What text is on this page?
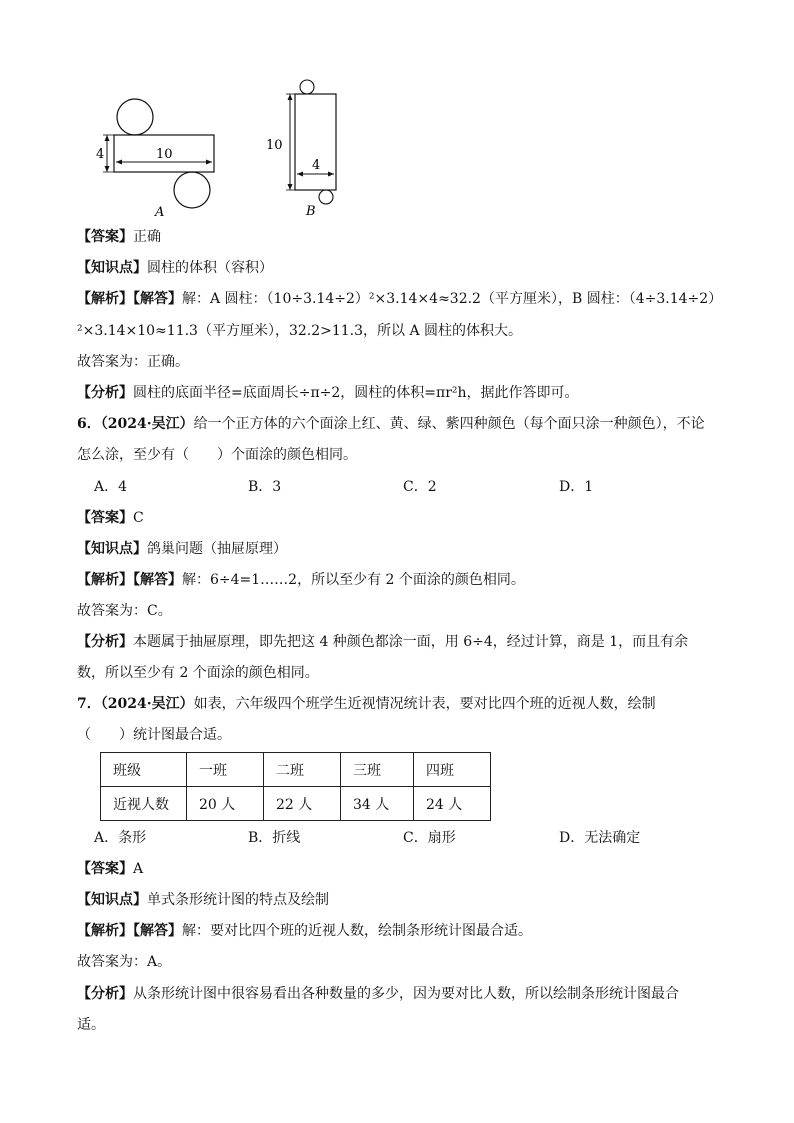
4	10
A
10
4
B
【答案】正确
【知识点】圆柱的体积（容积）
【解析】【解答】解：A 圆柱：（10÷3.14÷2）²×3.14×4≈32.2（平方厘米），B 圆柱：（4÷3.14÷2）
²×3.14×10≈11.3（平方厘米），32.2>11.3，所以 A 圆柱的体积大。
故答案为：正确。
【分析】圆柱的底面半径=底面周长÷π÷2，圆柱的体积=πr²h，据此作答即可。
6．（2024·吴江）给一个正方体的六个面涂上红、黄、绿、紫四种颜色（每个面只涂一种颜色），不论
怎么涂，至少有（　　）个面涂的颜色相同。
A．4	B．3	C．2	D．1
【答案】C
【知识点】鸽巢问题（抽屉原理）
【解析】【解答】解：6÷4=1……2，所以至少有 2 个面涂的颜色相同。
故答案为：C。
【分析】本题属于抽屉原理，即先把这 4 种颜色都涂一面，用 6÷4，经过计算，商是 1，而且有余
数，所以至少有 2 个面涂的颜色相同。
7．（2024·吴江）如表，六年级四个班学生近视情况统计表，要对比四个班的近视人数，绘制
（　　）统计图最合适。
班级	一班	二班	三班	四班
近视人数	20 人	22 人	34 人	24 人
A．条形	B．折线	C．扇形	D．无法确定
【答案】A
【知识点】单式条形统计图的特点及绘制
【解析】【解答】解：要对比四个班的近视人数，绘制条形统计图最合适。
故答案为：A。
【分析】从条形统计图中很容易看出各种数量的多少，因为要对比人数，所以绘制条形统计图最合
适。
